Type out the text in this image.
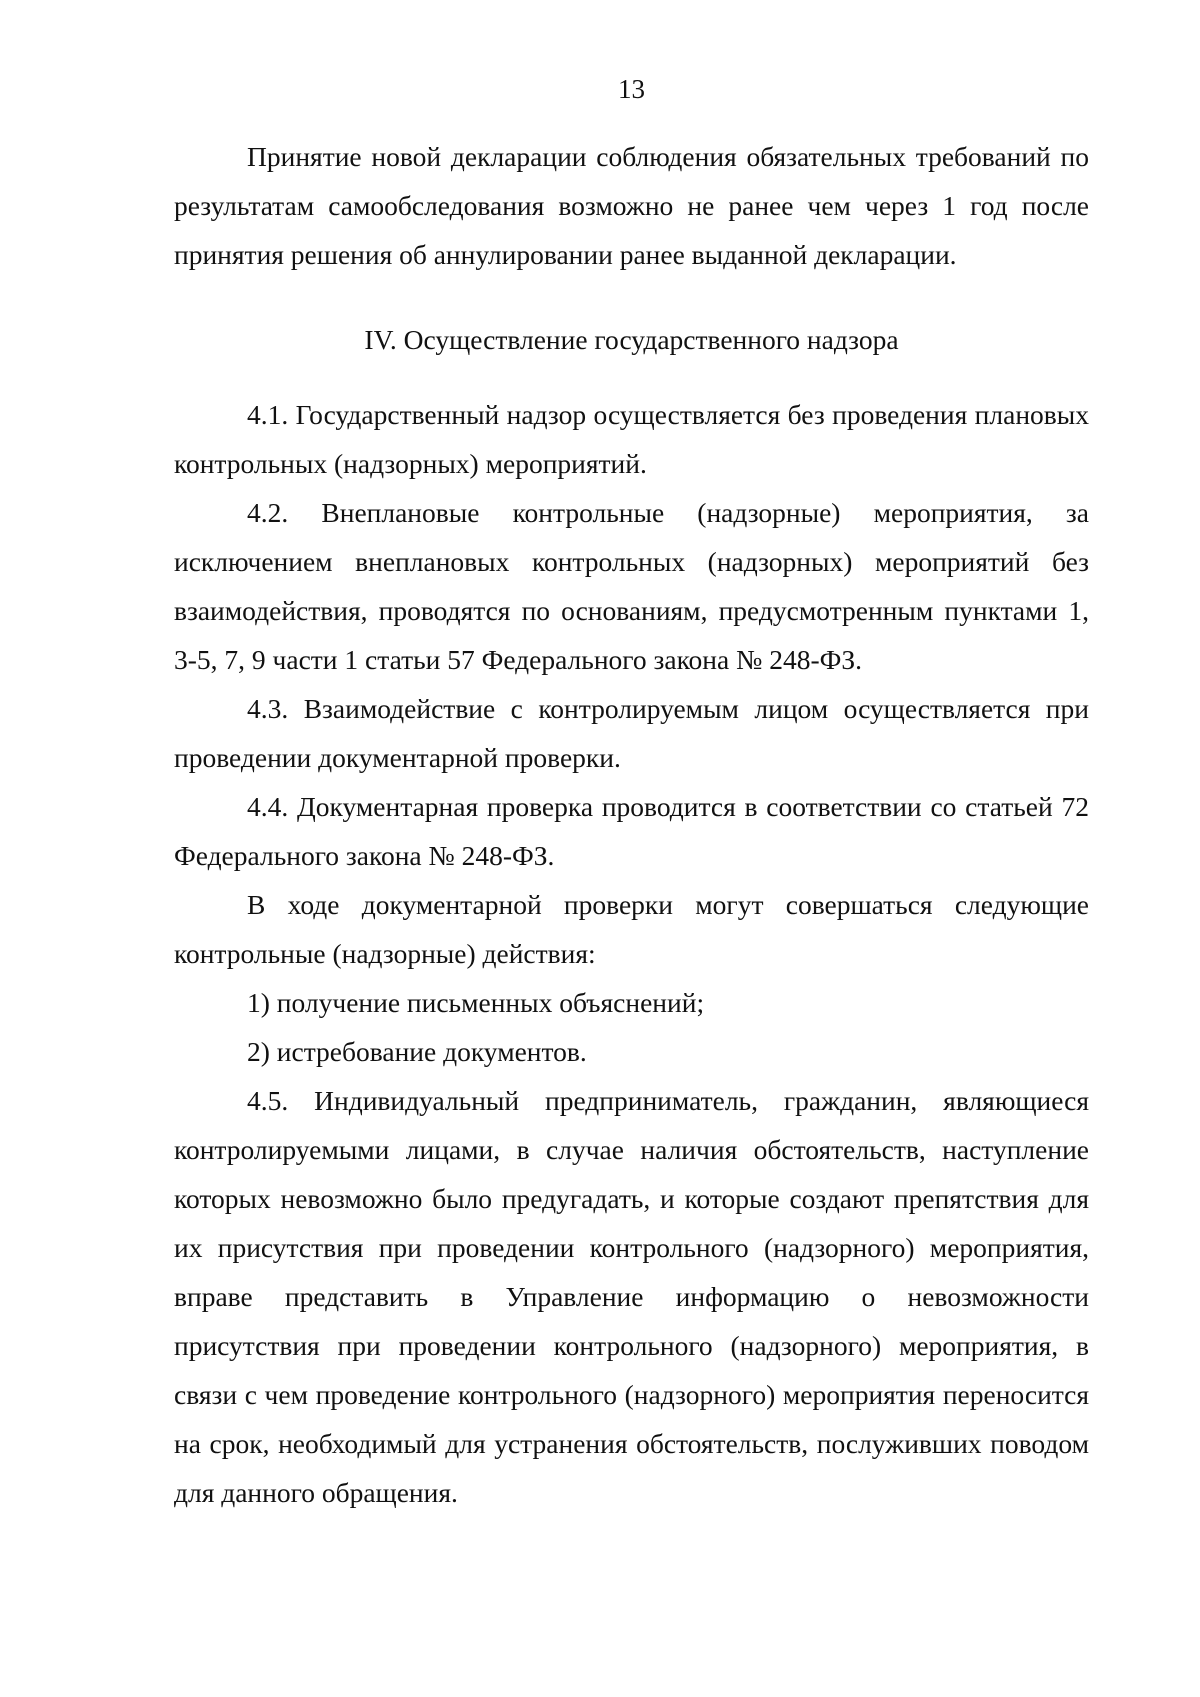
13

Принятие новой декларации соблюдения обязательных требований по результатам самообследования возможно не ранее чем через 1 год после принятия решения об аннулировании ранее выданной декларации.

IV. Осуществление государственного надзора

4.1. Государственный надзор осуществляется без проведения плановых контрольных (надзорных) мероприятий.

4.2. Внеплановые контрольные (надзорные) мероприятия, за исключением внеплановых контрольных (надзорных) мероприятий без взаимодействия, проводятся по основаниям, предусмотренным пунктами 1, 3-5, 7, 9 части 1 статьи 57 Федерального закона № 248-ФЗ.

4.3. Взаимодействие с контролируемым лицом осуществляется при проведении документарной проверки.

4.4. Документарная проверка проводится в соответствии со статьей 72 Федерального закона № 248-ФЗ.

В ходе документарной проверки могут совершаться следующие контрольные (надзорные) действия:

1) получение письменных объяснений;

2) истребование документов.

4.5. Индивидуальный предприниматель, гражданин, являющиеся контролируемыми лицами, в случае наличия обстоятельств, наступление которых невозможно было предугадать, и которые создают препятствия для их присутствия при проведении контрольного (надзорного) мероприятия, вправе представить в Управление информацию о невозможности присутствия при проведении контрольного (надзорного) мероприятия, в связи с чем проведение контрольного (надзорного) мероприятия переносится на срок, необходимый для устранения обстоятельств, послуживших поводом для данного обращения.
